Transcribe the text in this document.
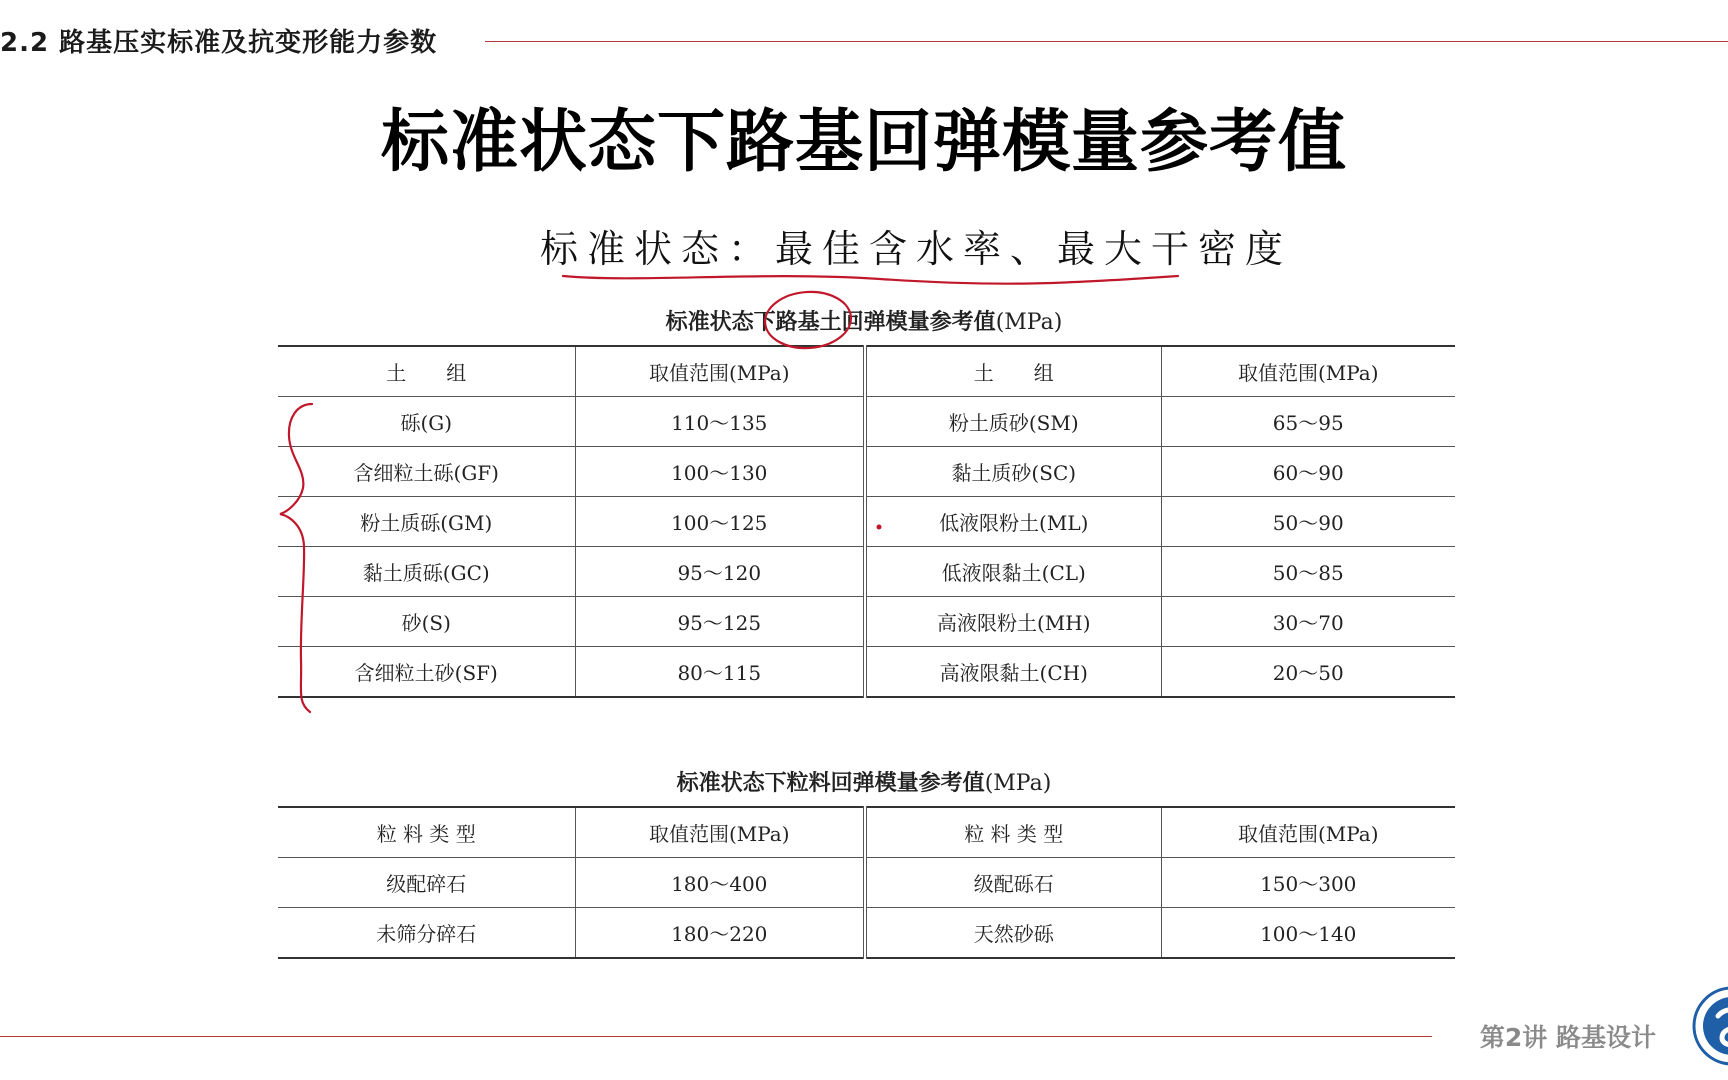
2.2 路基压实标准及抗变形能力参数
标准状态下路基回弹模量参考值
标准状态：最佳含水率、最大干密度
标准状态下路基土回弹模量参考值(MPa)
土　　组	取值范围(MPa)	土　　组	取值范围(MPa)
砾(G)	110～135	粉土质砂(SM)	65～95
含细粒土砾(GF)	100～130	黏土质砂(SC)	60～90
粉土质砾(GM)	100～125	低液限粉土(ML)	50～90
黏土质砾(GC)	95～120	低液限黏土(CL)	50～85
砂(S)	95～125	高液限粉土(MH)	30～70
含细粒土砂(SF)	80～115	高液限黏土(CH)	20～50
标准状态下粒料回弹模量参考值(MPa)
粒 料 类 型	取值范围(MPa)	粒 料 类 型	取值范围(MPa)
级配碎石	180～400	级配砾石	150～300
未筛分碎石	180～220	天然砂砾	100～140
第2讲 路基设计
